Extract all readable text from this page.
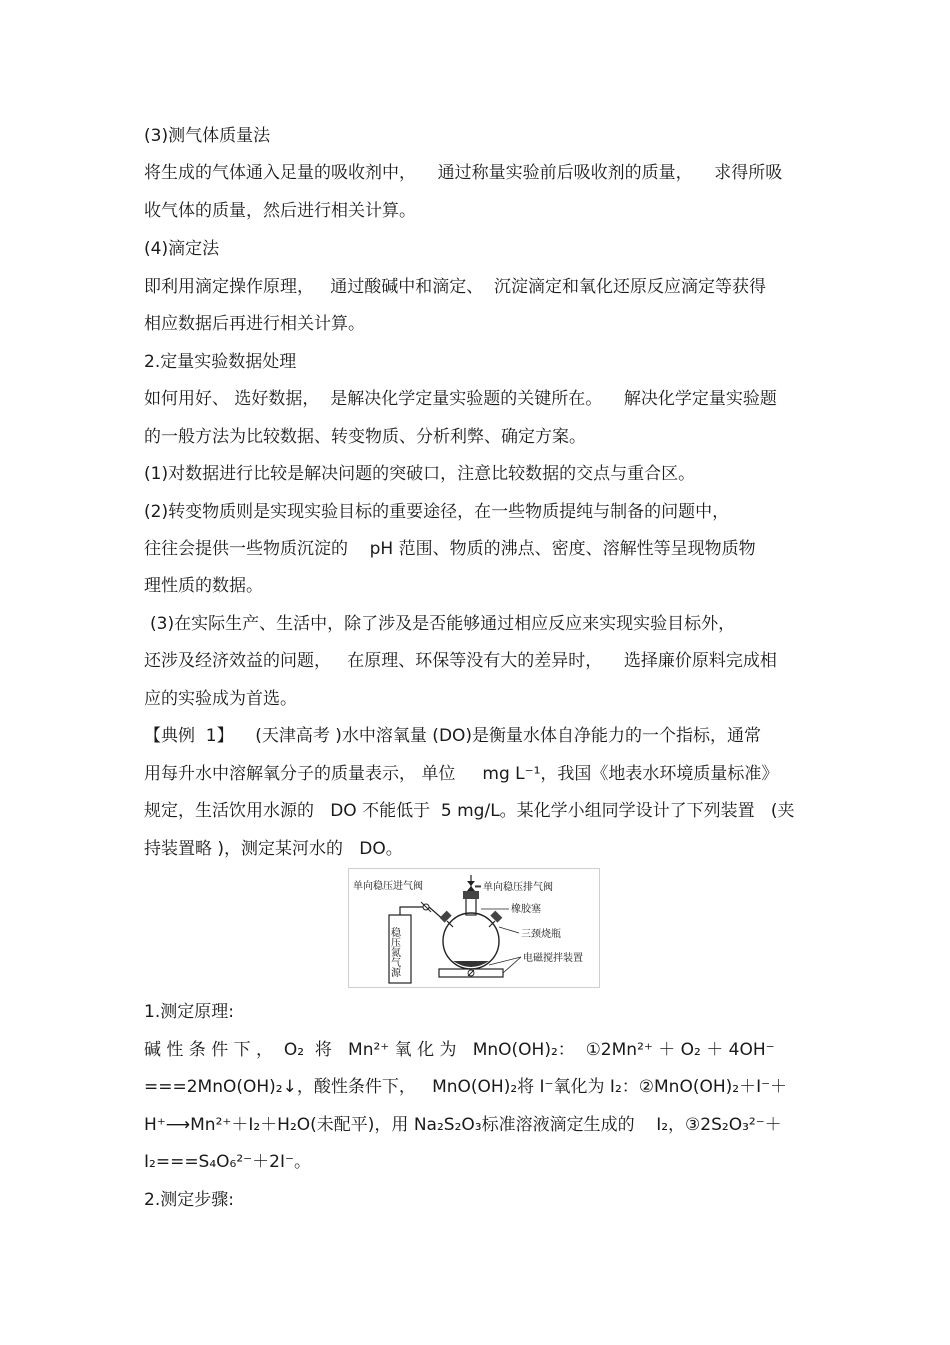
(3)测气体质量法
将生成的气体通入足量的吸收剂中，    通过称量实验前后吸收剂的质量，    求得所吸
收气体的质量，然后进行相关计算。
(4)滴定法
即利用滴定操作原理，   通过酸碱中和滴定、  沉淀滴定和氧化还原反应滴定等获得
相应数据后再进行相关计算。
2.定量实验数据处理
如何用好、 选好数据，  是解决化学定量实验题的关键所在。    解决化学定量实验题
的一般方法为比较数据、转变物质、分析利弊、确定方案。
(1)对数据进行比较是解决问题的突破口，注意比较数据的交点与重合区。
(2)转变物质则是实现实验目标的重要途径，在一些物质提纯与制备的问题中，
往往会提供一些物质沉淀的    pH 范围、物质的沸点、密度、溶解性等呈现物质物
理性质的数据。
(3)在实际生产、生活中，除了涉及是否能够通过相应反应来实现实验目标外，
还涉及经济效益的问题，   在原理、环保等没有大的差异时，    选择廉价原料完成相
应的实验成为首选。
【典例  1】    (天津高考 )水中溶氧量 (DO)是衡量水体自净能力的一个指标，通常
用每升水中溶解氧分子的质量表示， 单位     mg L⁻¹，我国《地表水环境质量标准》
规定，生活饮用水源的   DO 不能低于  5 mg/L。某化学小组同学设计了下列装置   (夹
持装置略 )，测定某河水的   DO。
单向稳压进气阀	单向稳压排气阀
橡胶塞
三颈烧瓶
电磁搅拌装置
稳压氮气源
1.测定原理:
碱 性 条 件 下 ，  O₂  将   Mn²⁺ 氧 化 为   MnO(OH)₂：  ①2Mn²⁺ ＋ O₂ ＋ 4OH⁻
===2MnO(OH)₂↓，酸性条件下，   MnO(OH)₂将 I⁻氧化为 I₂：②MnO(OH)₂＋I⁻＋
H⁺⟶Mn²⁺＋I₂＋H₂O(未配平)，用 Na₂S₂O₃标准溶液滴定生成的    I₂，③2S₂O₃²⁻＋
I₂===S₄O₆²⁻＋2I⁻。
2.测定步骤:
